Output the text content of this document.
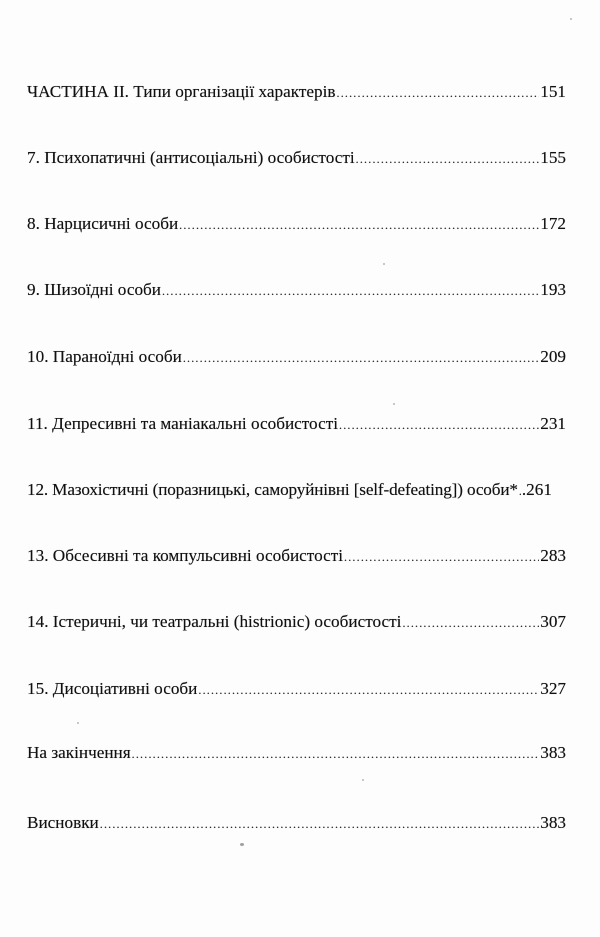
ЧАСТИНА II. Типи організації характерів .....	151
7. Психопатичні (антисоціальні) особистості .....	155
8. Нарцисичні особи .....	172
9. Шизоїдні особи .....	193
10. Параноїдні особи .....	209
11. Депресивні та маніакальні особистості .....	231
12. Мазохістичні (поразницькі, саморуйнівні [self-defeating]) особи* ..... .261
13. Обсесивні та компульсивні особистості .....	283
14. Істеричні, чи театральні (histrionic) особистості .....	307
15. Дисоціативні особи .....	327
На закінчення .....	383
Висновки .....	383
